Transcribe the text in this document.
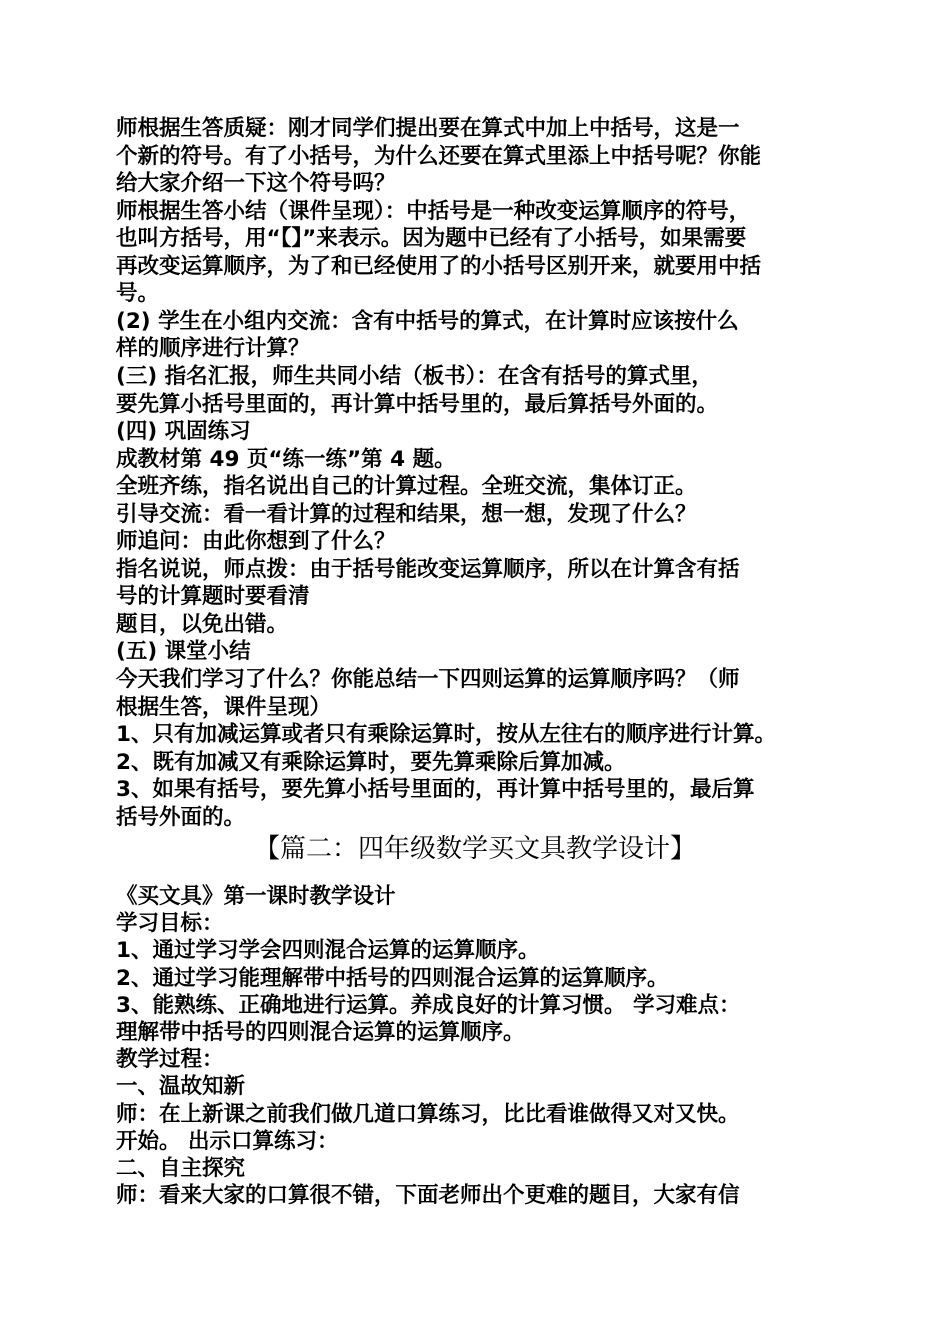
师根据生答质疑：刚才同学们提出要在算式中加上中括号，这是一
个新的符号。有了小括号，为什么还要在算式里添上中括号呢？你能
给大家介绍一下这个符号吗？
师根据生答小结（课件呈现）：中括号是一种改变运算顺序的符号，
也叫方括号，用“【】”来表示。因为题中已经有了小括号，如果需要
再改变运算顺序，为了和已经使用了的小括号区别开来，就要用中括
号。
(2) 学生在小组内交流：含有中括号的算式，在计算时应该按什么
样的顺序进行计算？
(三) 指名汇报，师生共同小结（板书）：在含有括号的算式里，
要先算小括号里面的，再计算中括号里的，最后算括号外面的。
(四) 巩固练习
成教材第 49 页“练一练”第 4 题。
全班齐练，指名说出自己的计算过程。全班交流，集体订正。
引导交流：看一看计算的过程和结果，想一想，发现了什么？
师追问：由此你想到了什么？
指名说说，师点拨：由于括号能改变运算顺序，所以在计算含有括
号的计算题时要看清
题目，以免出错。
(五) 课堂小结
今天我们学习了什么？你能总结一下四则运算的运算顺序吗？（师
根据生答，课件呈现）
1、只有加减运算或者只有乘除运算时，按从左往右的顺序进行计算。
2、既有加减又有乘除运算时，要先算乘除后算加减。
3、如果有括号，要先算小括号里面的，再计算中括号里的，最后算
括号外面的。
【篇二：四年级数学买文具教学设计】
《买文具》第一课时教学设计
学习目标：
1、通过学习学会四则混合运算的运算顺序。
2、通过学习能理解带中括号的四则混合运算的运算顺序。
3、能熟练、正确地进行运算。养成良好的计算习惯。 学习难点：
理解带中括号的四则混合运算的运算顺序。
教学过程：
一、温故知新
师：在上新课之前我们做几道口算练习，比比看谁做得又对又快。
开始。 出示口算练习：
二、自主探究
师：看来大家的口算很不错，下面老师出个更难的题目，大家有信
